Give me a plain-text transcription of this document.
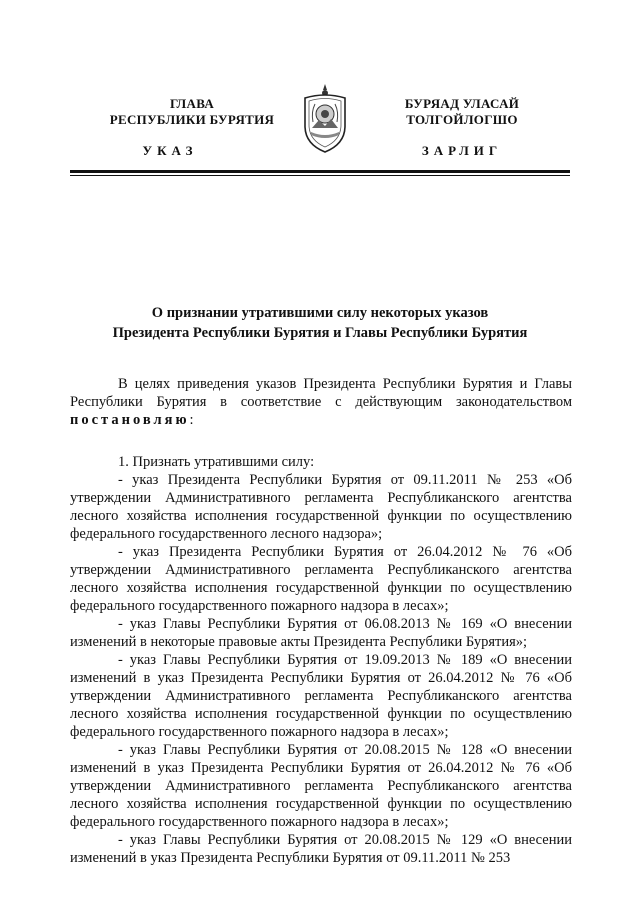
ГЛАВА
РЕСПУБЛИКИ БУРЯТИЯ
УКАЗ
БУРЯАД УЛАСАЙ
ТОЛГОЙЛОГШО
ЗАРЛИГ
О признании утратившими силу некоторых указов
Президента Республики Бурятия и Главы Республики Бурятия

В целях приведения указов Президента Республики Бурятия и Главы Республики Бурятия в соответствие с действующим законодательством постановляю:

1. Признать утратившими силу:

- указ Президента Республики Бурятия от 09.11.2011 № 253 «Об утверждении Административного регламента Республиканского агентства лесного хозяйства исполнения государственной функции по осуществлению федерального государственного лесного надзора»;

- указ Президента Республики Бурятия от 26.04.2012 № 76 «Об утверждении Административного регламента Республиканского агентства лесного хозяйства исполнения государственной функции по осуществлению федерального государственного пожарного надзора в лесах»;

- указ Главы Республики Бурятия от 06.08.2013 № 169 «О внесении изменений в некоторые правовые акты Президента Республики Бурятия»;

- указ Главы Республики Бурятия от 19.09.2013 № 189 «О внесении изменений в указ Президента Республики Бурятия от 26.04.2012 № 76 «Об утверждении Административного регламента Республиканского агентства лесного хозяйства исполнения государственной функции по осуществлению федерального государственного пожарного надзора в лесах»;

- указ Главы Республики Бурятия от 20.08.2015 № 128 «О внесении изменений в указ Президента Республики Бурятия от 26.04.2012 № 76 «Об утверждении Административного регламента Республиканского агентства лесного хозяйства исполнения государственной функции по осуществлению федерального государственного пожарного надзора в лесах»;

- указ Главы Республики Бурятия от 20.08.2015 № 129 «О внесении изменений в указ Президента Республики Бурятия от 09.11.2011 № 253
